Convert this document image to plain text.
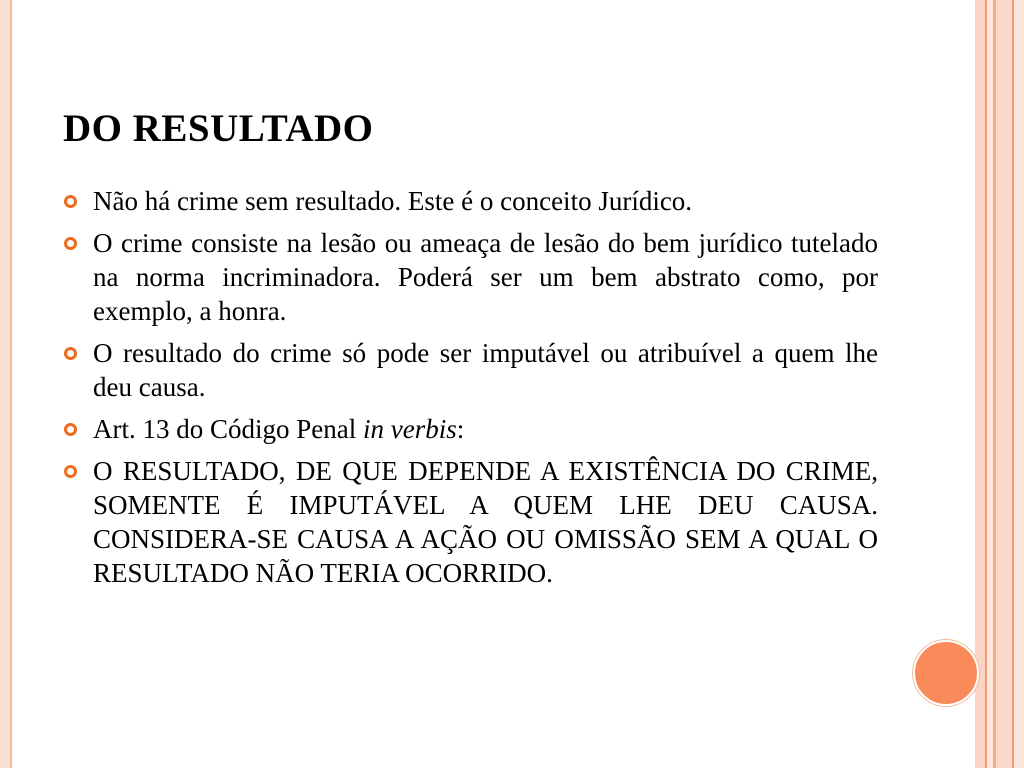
DO RESULTADO
Não há crime sem resultado. Este é o conceito Jurídico.
O crime consiste na lesão ou ameaça de lesão do bem jurídico tutelado na norma incriminadora. Poderá ser um bem abstrato como, por exemplo, a honra.
O resultado do crime só pode ser imputável ou atribuível a quem lhe deu causa.
Art. 13 do Código Penal in verbis:
O RESULTADO, DE QUE DEPENDE A EXISTÊNCIA DO CRIME, SOMENTE É IMPUTÁVEL A QUEM LHE DEU CAUSA. CONSIDERA-SE CAUSA A AÇÃO OU OMISSÃO SEM A QUAL O RESULTADO NÃO TERIA OCORRIDO.
